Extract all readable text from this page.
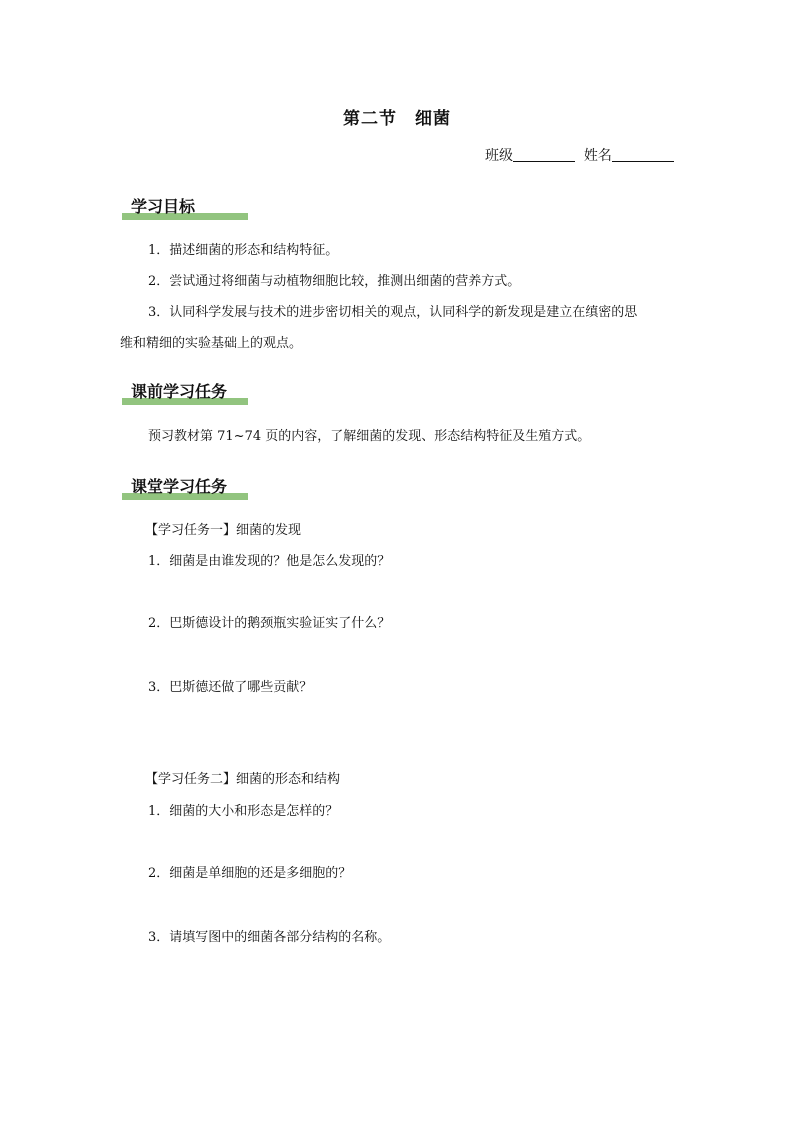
第二节　细菌
班级	姓名
学习目标
1．描述细菌的形态和结构特征。
2．尝试通过将细菌与动植物细胞比较，推测出细菌的营养方式。
3．认同科学发展与技术的进步密切相关的观点，认同科学的新发现是建立在缜密的思
维和精细的实验基础上的观点。
课前学习任务
预习教材第 71~74 页的内容，了解细菌的发现、形态结构特征及生殖方式。
课堂学习任务
【学习任务一】细菌的发现
1．细菌是由谁发现的？他是怎么发现的？
2．巴斯德设计的鹅颈瓶实验证实了什么？
3．巴斯德还做了哪些贡献？
【学习任务二】细菌的形态和结构
1．细菌的大小和形态是怎样的？
2．细菌是单细胞的还是多细胞的？
3．请填写图中的细菌各部分结构的名称。
